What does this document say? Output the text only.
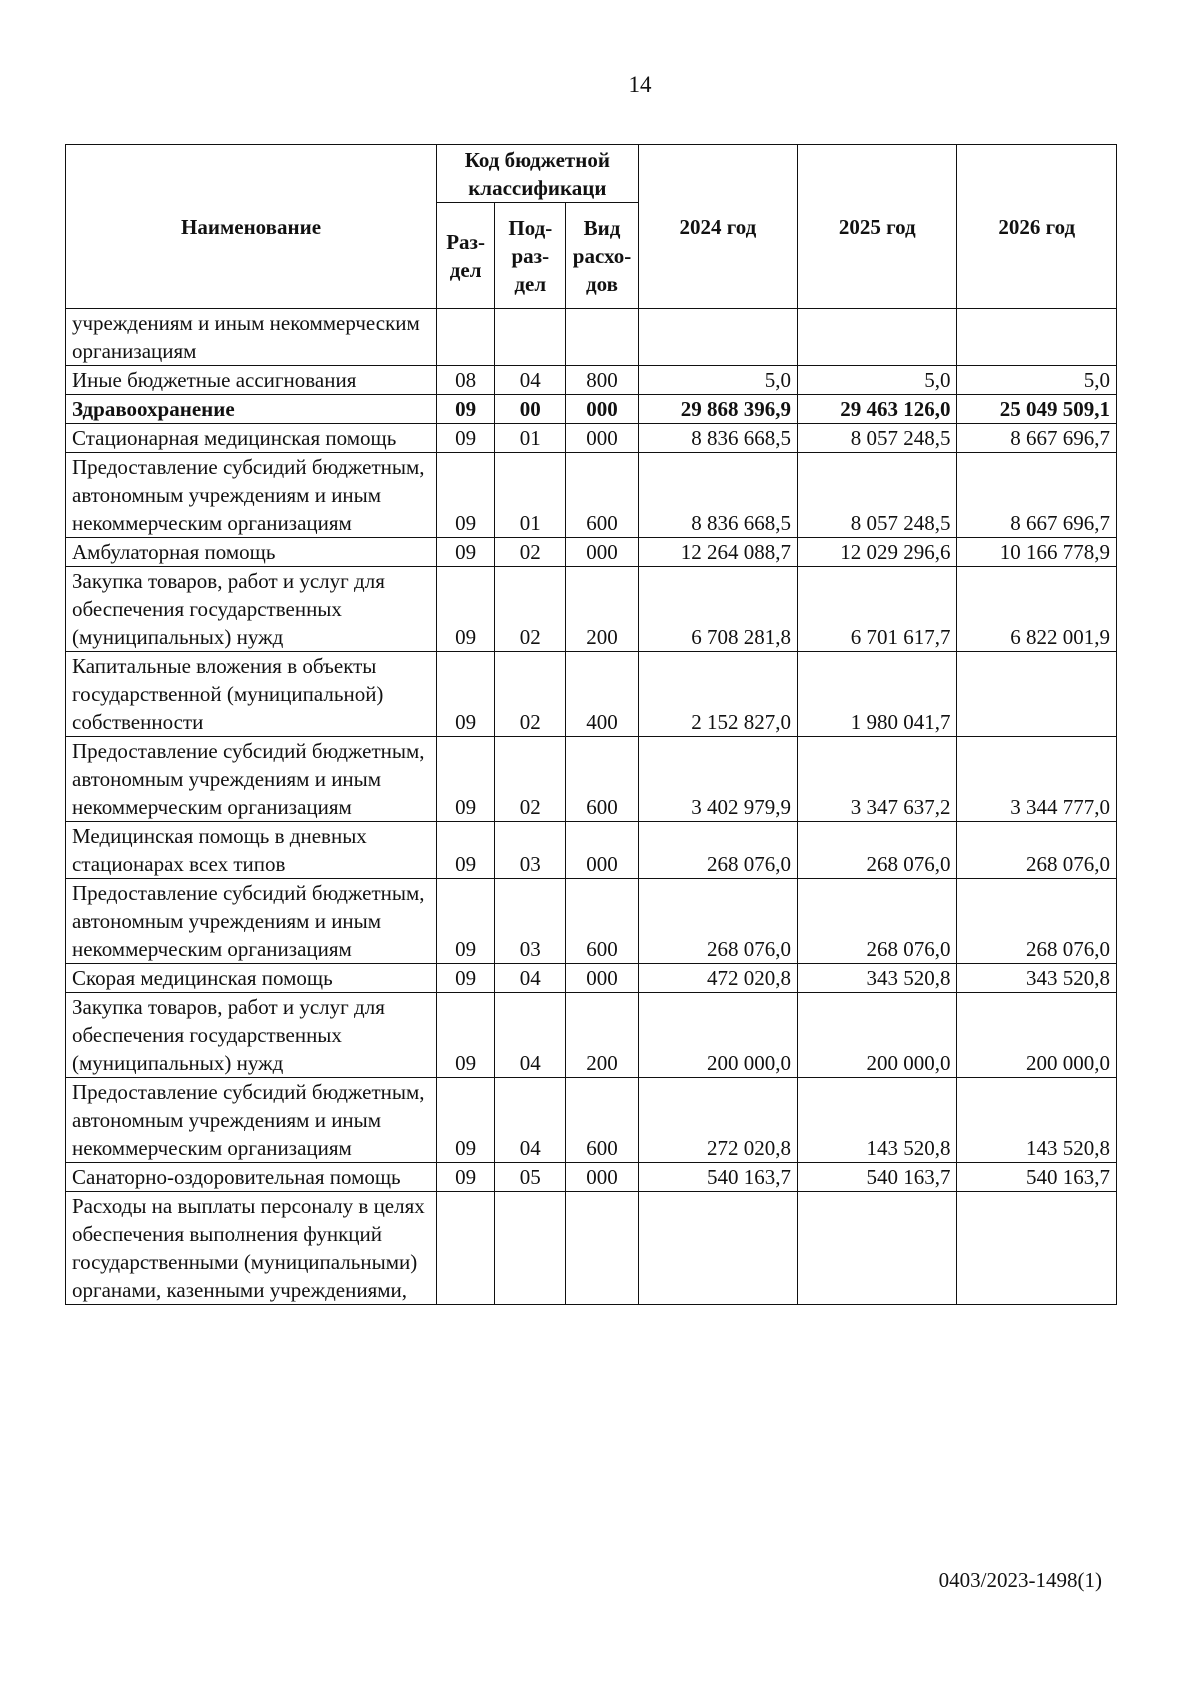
14
Наименование	Код бюджетной классификаци			2024 год	2025 год	2026 год
	Раз-дел	Под-раз-дел	Вид расхо-дов			
учреждениям и иным некоммерческим организациям						
Иные бюджетные ассигнования	08	04	800	5,0	5,0	5,0
Здравоохранение	09	00	000	29 868 396,9	29 463 126,0	25 049 509,1
Стационарная медицинская помощь	09	01	000	8 836 668,5	8 057 248,5	8 667 696,7
Предоставление субсидий бюджетным, автономным учреждениям и иным некоммерческим организациям	09	01	600	8 836 668,5	8 057 248,5	8 667 696,7
Амбулаторная помощь	09	02	000	12 264 088,7	12 029 296,6	10 166 778,9
Закупка товаров, работ и услуг для обеспечения государственных (муниципальных) нужд	09	02	200	6 708 281,8	6 701 617,7	6 822 001,9
Капитальные вложения в объекты государственной (муниципальной) собственности	09	02	400	2 152 827,0	1 980 041,7	
Предоставление субсидий бюджетным, автономным учреждениям и иным некоммерческим организациям	09	02	600	3 402 979,9	3 347 637,2	3 344 777,0
Медицинская помощь в дневных стационарах всех типов	09	03	000	268 076,0	268 076,0	268 076,0
Предоставление субсидий бюджетным, автономным учреждениям и иным некоммерческим организациям	09	03	600	268 076,0	268 076,0	268 076,0
Скорая медицинская помощь	09	04	000	472 020,8	343 520,8	343 520,8
Закупка товаров, работ и услуг для обеспечения государственных (муниципальных) нужд	09	04	200	200 000,0	200 000,0	200 000,0
Предоставление субсидий бюджетным, автономным учреждениям и иным некоммерческим организациям	09	04	600	272 020,8	143 520,8	143 520,8
Санаторно-оздоровительная помощь	09	05	000	540 163,7	540 163,7	540 163,7
Расходы на выплаты персоналу в целях обеспечения выполнения функций государственными (муниципальными) органами, казенными учреждениями,						
0403/2023-1498(1)
